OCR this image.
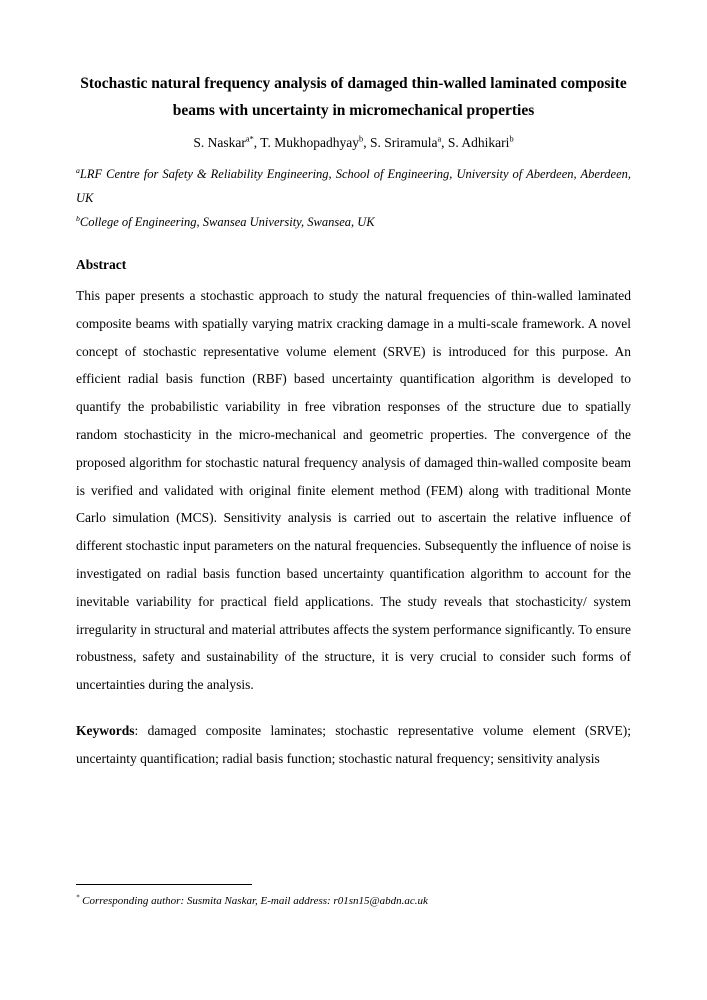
Stochastic natural frequency analysis of damaged thin-walled laminated composite beams with uncertainty in micromechanical properties

S. Naskar$^{a*}$, T. Mukhopadhyay$^b$, S. Sriramula$^a$, S. Adhikari$^b$

$^a$LRF Centre for Safety & Reliability Engineering, School of Engineering, University of Aberdeen, Aberdeen, UK

$^b$College of Engineering, Swansea University, Swansea, UK

Abstract

This paper presents a stochastic approach to study the natural frequencies of thin-walled laminated composite beams with spatially varying matrix cracking damage in a multi-scale framework. A novel concept of stochastic representative volume element (SRVE) is introduced for this purpose. An efficient radial basis function (RBF) based uncertainty quantification algorithm is developed to quantify the probabilistic variability in free vibration responses of the structure due to spatially random stochasticity in the micro-mechanical and geometric properties. The convergence of the proposed algorithm for stochastic natural frequency analysis of damaged thin-walled composite beam is verified and validated with original finite element method (FEM) along with traditional Monte Carlo simulation (MCS). Sensitivity analysis is carried out to ascertain the relative influence of different stochastic input parameters on the natural frequencies. Subsequently the influence of noise is investigated on radial basis function based uncertainty quantification algorithm to account for the inevitable variability for practical field applications. The study reveals that stochasticity/ system irregularity in structural and material attributes affects the system performance significantly. To ensure robustness, safety and sustainability of the structure, it is very crucial to consider such forms of uncertainties during the analysis.

Keywords: damaged composite laminates; stochastic representative volume element (SRVE); uncertainty quantification; radial basis function; stochastic natural frequency; sensitivity analysis

* Corresponding author: Susmita Naskar, E-mail address: r01sn15@abdn.ac.uk
